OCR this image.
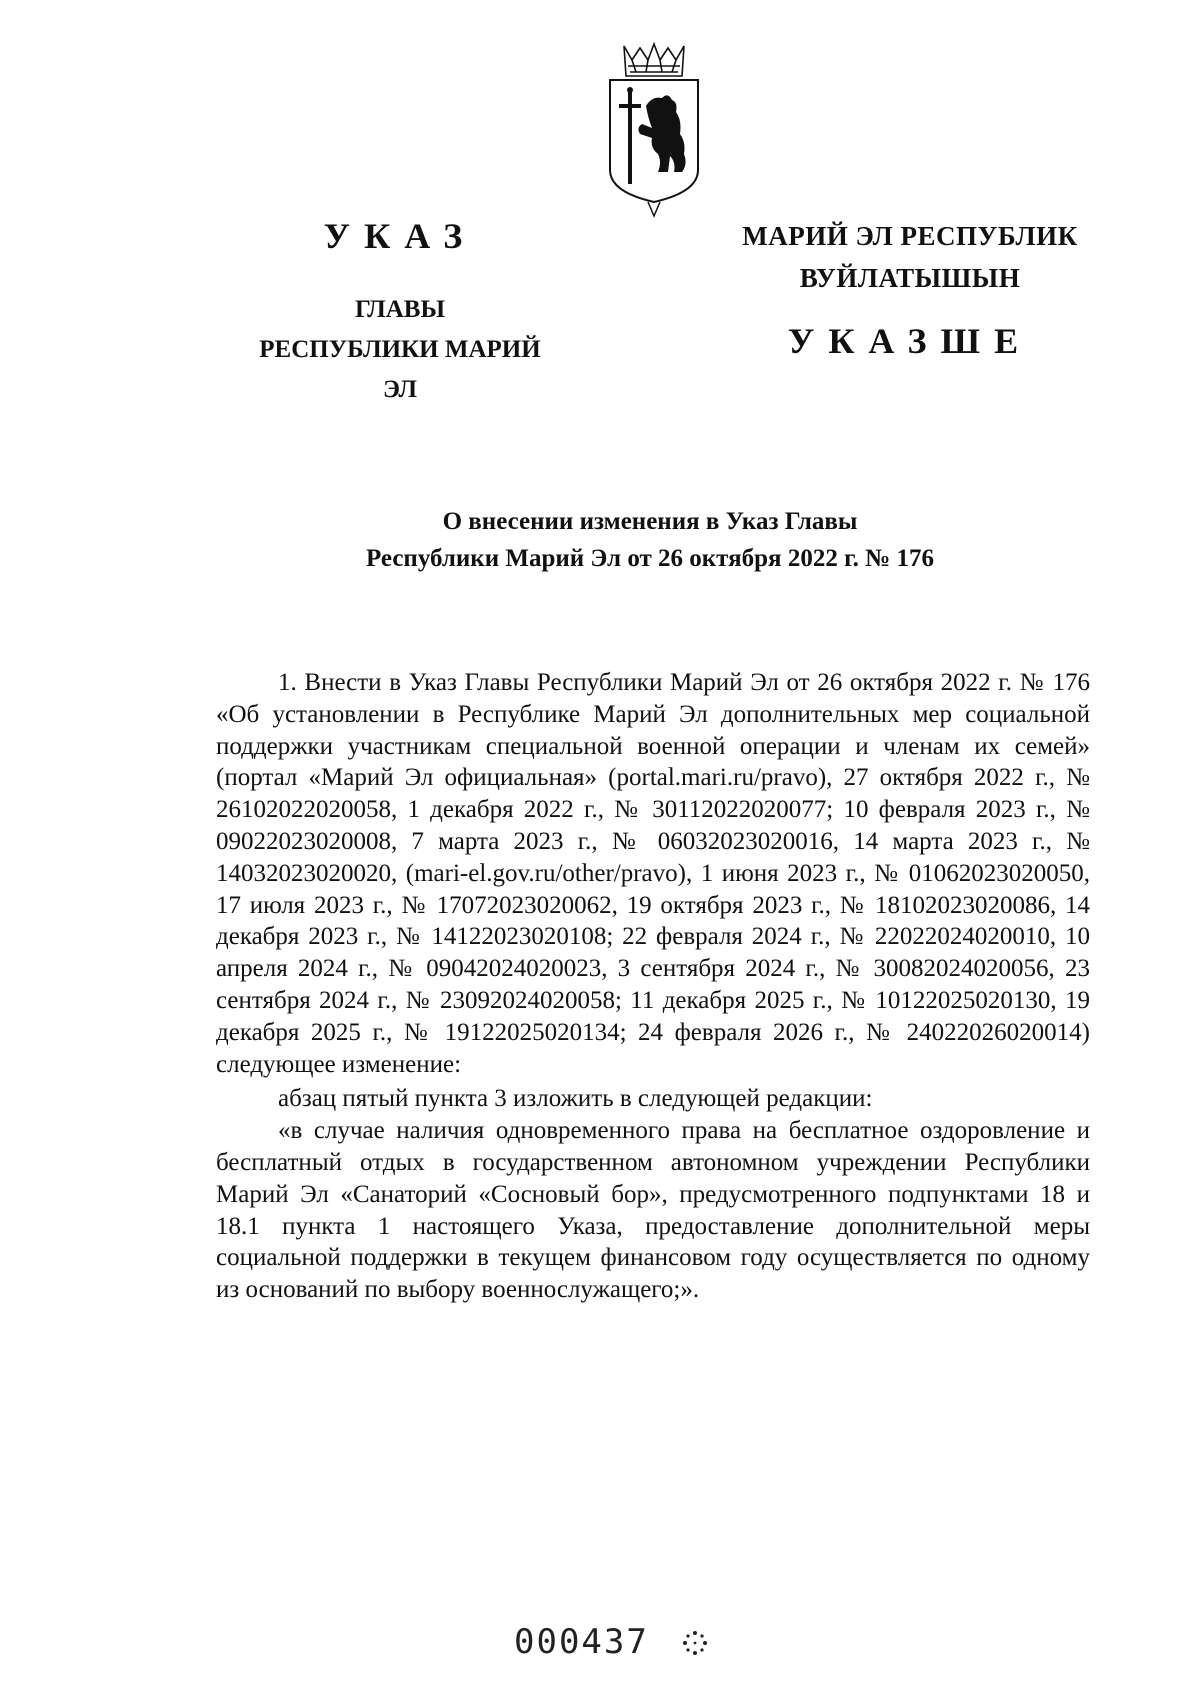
УКАЗ
ГЛАВЫ
РЕСПУБЛИКИ МАРИЙ ЭЛ
МАРИЙ ЭЛ РЕСПУБЛИК
ВУЙЛАТЫШЫН
УКАЗШЕ
О внесении изменения в Указ Главы
Республики Марий Эл от 26 октября 2022 г. № 176

1. Внести в Указ Главы Республики Марий Эл от 26 октября 2022 г. № 176 «Об установлении в Республике Марий Эл дополнительных мер социальной поддержки участникам специальной военной операции и членам их семей» (портал «Марий Эл официальная» (portal.mari.ru/pravo), 27 октября 2022 г., № 26102022020058, 1 декабря 2022 г., № 30112022020077; 10 февраля 2023 г., № 09022023020008, 7 марта 2023 г., № 06032023020016, 14 марта 2023 г., № 14032023020020, (mari-el.gov.ru/other/pravo), 1 июня 2023 г., № 01062023020050, 17 июля 2023 г., № 17072023020062, 19 октября 2023 г., № 18102023020086, 14 декабря 2023 г., № 14122023020108; 22 февраля 2024 г., № 22022024020010, 10 апреля 2024 г., № 09042024020023, 3 сентября 2024 г., № 30082024020056, 23 сентября 2024 г., № 23092024020058; 11 декабря 2025 г., № 10122025020130, 19 декабря 2025 г., № 19122025020134; 24 февраля 2026 г., № 24022026020014) следующее изменение:

абзац пятый пункта 3 изложить в следующей редакции:

«в случае наличия одновременного права на бесплатное оздоровление и бесплатный отдых в государственном автономном учреждении Республики Марий Эл «Санаторий «Сосновый бор», предусмотренного подпунктами 18 и 18.1 пункта 1 настоящего Указа, предоставление дополнительной меры социальной поддержки в текущем финансовом году осуществляется по одному из оснований по выбору военнослужащего;».

000437
